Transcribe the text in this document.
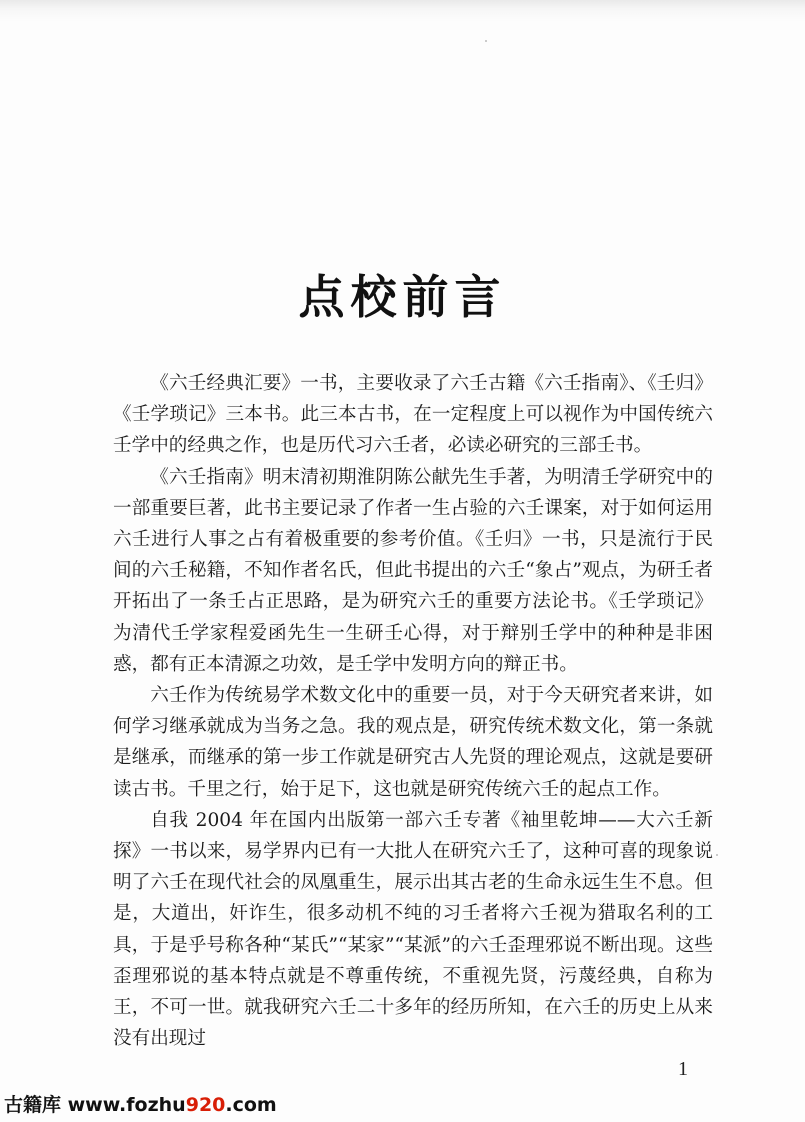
点校前言

《六壬经典汇要》一书，主要收录了六壬古籍《六壬指南》、《壬归》《壬学琐记》三本书。此三本古书，在一定程度上可以视作为中国传统六壬学中的经典之作，也是历代习六壬者，必读必研究的三部壬书。

《六壬指南》明末清初期淮阴陈公献先生手著，为明清壬学研究中的一部重要巨著，此书主要记录了作者一生占验的六壬课案，对于如何运用六壬进行人事之占有着极重要的参考价值。《壬归》一书，只是流行于民间的六壬秘籍，不知作者名氏，但此书提出的六壬“象占”观点，为研壬者开拓出了一条壬占正思路，是为研究六壬的重要方法论书。《壬学琐记》为清代壬学家程爱函先生一生研壬心得，对于辩别壬学中的种种是非困惑，都有正本清源之功效，是壬学中发明方向的辩正书。

六壬作为传统易学术数文化中的重要一员，对于今天研究者来讲，如何学习继承就成为当务之急。我的观点是，研究传统术数文化，第一条就是继承，而继承的第一步工作就是研究古人先贤的理论观点，这就是要研读古书。千里之行，始于足下，这也就是研究传统六壬的起点工作。

自我 2004 年在国内出版第一部六壬专著《袖里乾坤——大六壬新探》一书以来，易学界内已有一大批人在研究六壬了，这种可喜的现象说明了六壬在现代社会的凤凰重生，展示出其古老的生命永远生生不息。但是，大道出，奸诈生，很多动机不纯的习壬者将六壬视为猎取名利的工具，于是乎号称各种“某氏”“某家”“某派”的六壬歪理邪说不断出现。这些歪理邪说的基本特点就是不尊重传统，不重视先贤，污蔑经典，自称为王，不可一世。就我研究六壬二十多年的经历所知，在六壬的历史上从来没有出现过

1
古籍库 www.fozhu920.com
